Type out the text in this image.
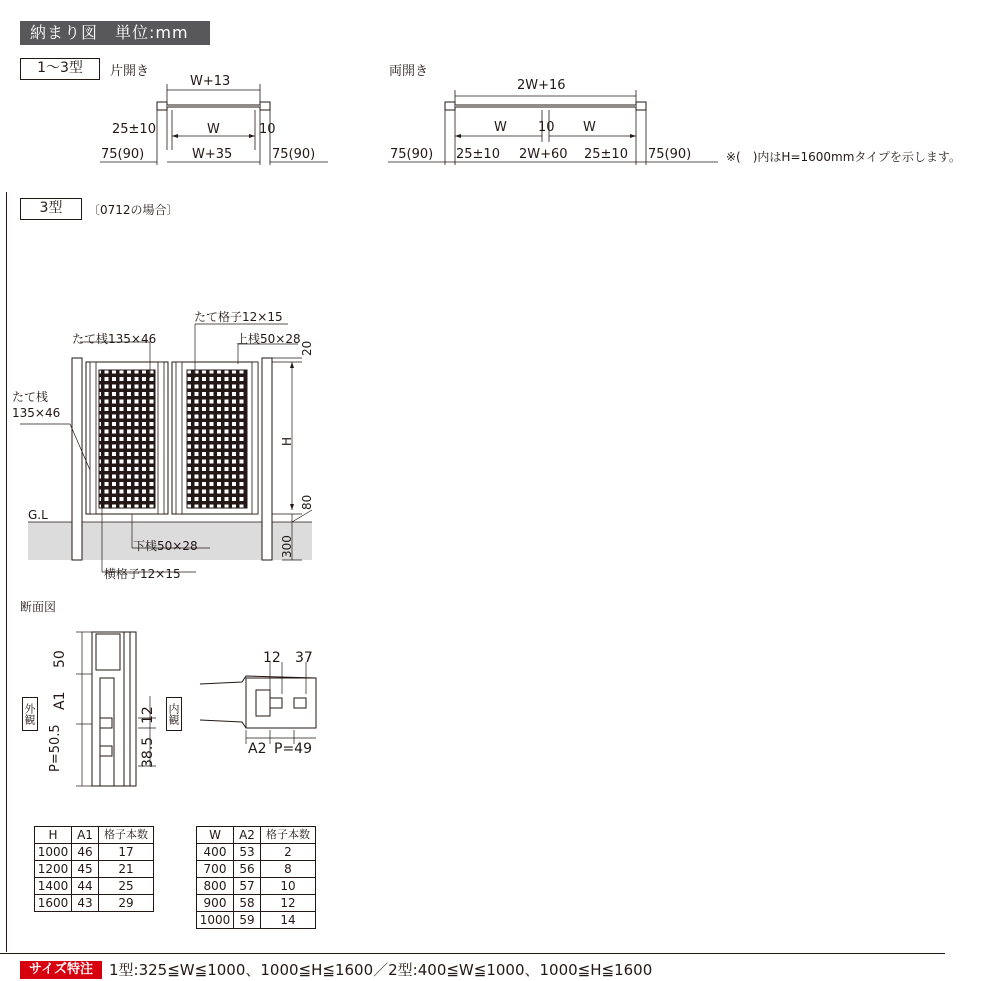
納まり図　単位:mm
1～3型	片開き
W+13
25±10	W	10
75(90)	W+35	75(90)
両開き
2W+16
W 10 W
75(90) 25±10 2W+60 25±10 75(90)	※(　)内はH=1600mmタイプを示します。
3型	〔0712の場合〕
たて桟135×46
たて格子12×15
上桟50×28
たて桟
135×46
G.L
下桟50×28
横格子12×15
20
H
80
300
断面図
外観	内観
50
A1
P=50.5
12
38.5
12 37
A2 P=49
H	A1	格子本数
1000	46	17
1200	45	21
1400	44	25
1600	43	29
W	A2	格子本数
400	53	2
700	56	8
800	57	10
900	58	12
1000	59	14
サイズ特注	1型:325≦W≦1000、1000≦H≦1600／2型:400≦W≦1000、1000≦H≦1600
